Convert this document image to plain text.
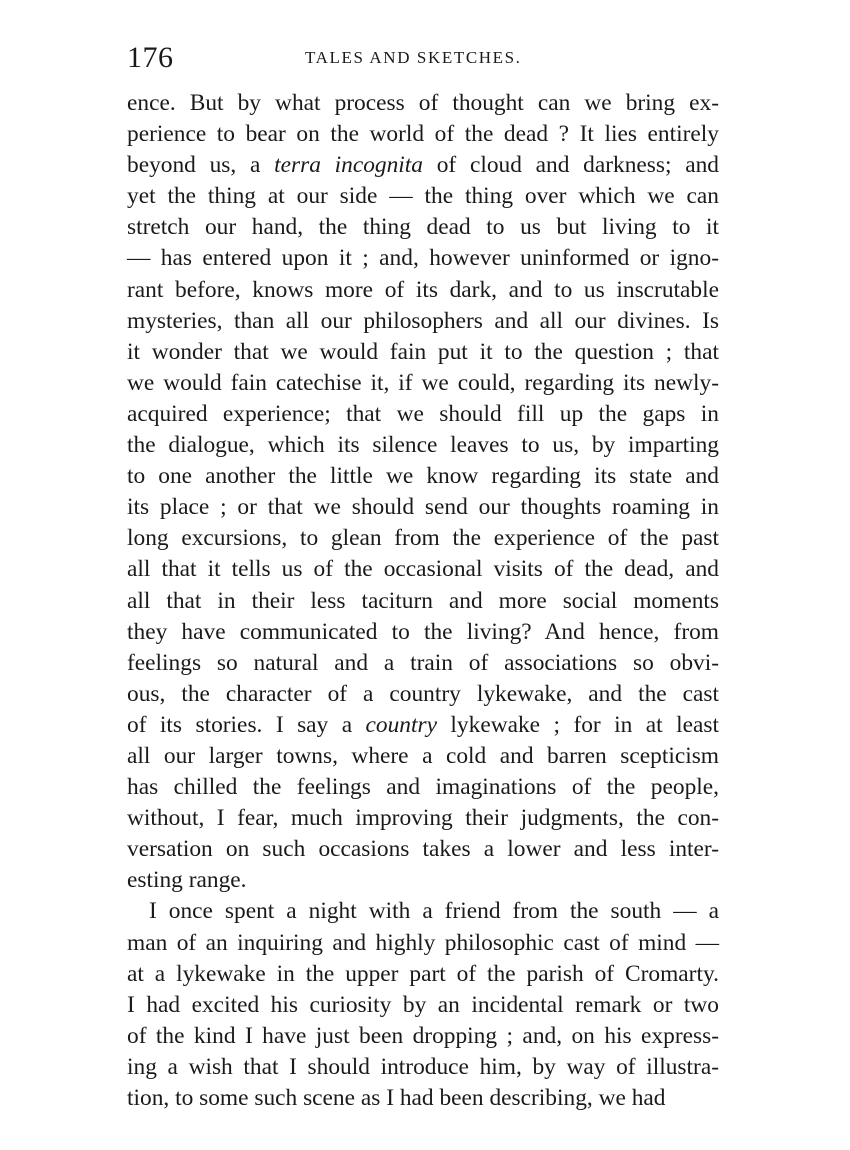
176	TALES AND SKETCHES.
ence. But by what process of thought can we bring ex-
perience to bear on the world of the dead ? It lies entirely
beyond us, a terra incognita of cloud and darkness; and
yet the thing at our side — the thing over which we can
stretch our hand, the thing dead to us but living to it
— has entered upon it ; and, however uninformed or igno-
rant before, knows more of its dark, and to us inscrutable
mysteries, than all our philosophers and all our divines. Is
it wonder that we would fain put it to the question ; that
we would fain catechise it, if we could, regarding its newly-
acquired experience; that we should fill up the gaps in
the dialogue, which its silence leaves to us, by imparting
to one another the little we know regarding its state and
its place ; or that we should send our thoughts roaming in
long excursions, to glean from the experience of the past
all that it tells us of the occasional visits of the dead, and
all that in their less taciturn and more social moments
they have communicated to the living? And hence, from
feelings so natural and a train of associations so obvi-
ous, the character of a country lykewake, and the cast
of its stories. I say a country lykewake ; for in at least
all our larger towns, where a cold and barren scepticism
has chilled the feelings and imaginations of the people,
without, I fear, much improving their judgments, the con-
versation on such occasions takes a lower and less inter-
esting range.
I once spent a night with a friend from the south — a
man of an inquiring and highly philosophic cast of mind —
at a lykewake in the upper part of the parish of Cromarty.
I had excited his curiosity by an incidental remark or two
of the kind I have just been dropping ; and, on his express-
ing a wish that I should introduce him, by way of illustra-
tion, to some such scene as I had been describing, we had
